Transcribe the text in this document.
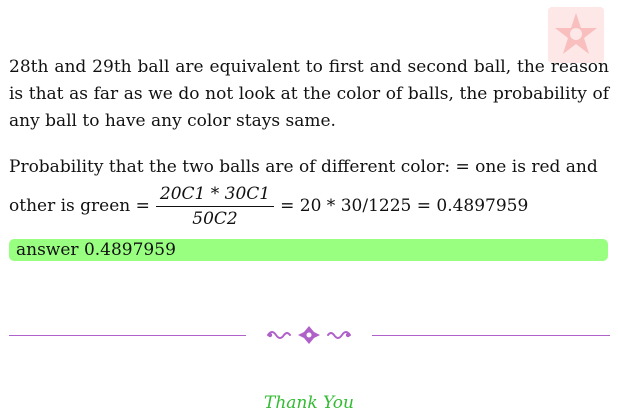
28th and 29th ball are equivalent to first and second ball, the reason is that as far as we do not look at the color of balls, the probability of any ball to have any color stays same.

Probability that the two balls are of different color: = one is red and
other is green = $\frac{20C1 * 30C1}{50C2} = 20 * 30/1225 = 0.4897959$
answer 0.4897959
Thank You
